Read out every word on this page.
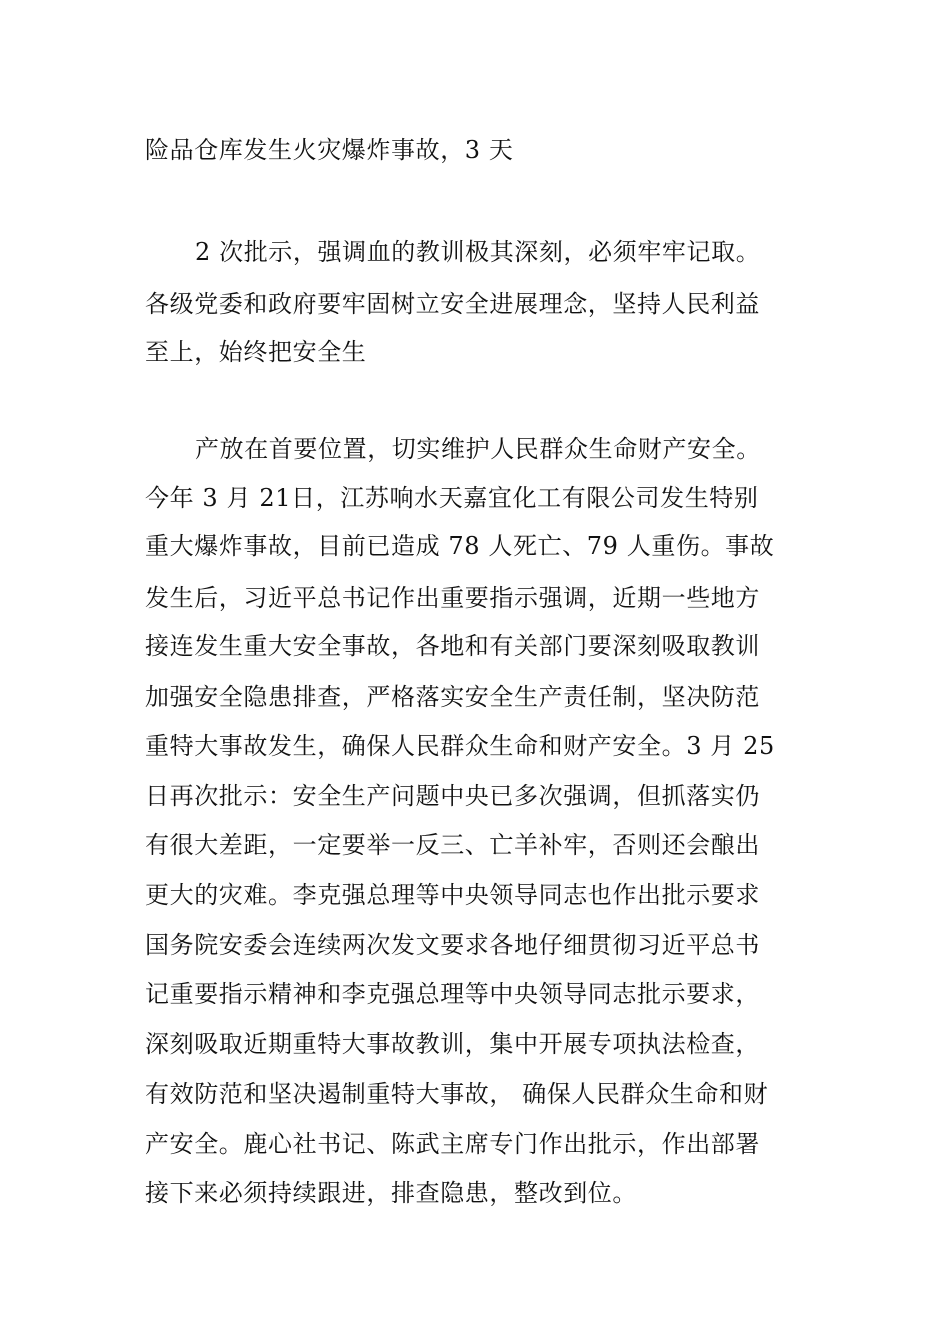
险品仓库发生火灾爆炸事故，3 天
2 次批示，强调血的教训极其深刻，必须牢牢记取。
各级党委和政府要牢固树立安全进展理念，坚持人民利益
至上，始终把安全生
产放在首要位置，切实维护人民群众生命财产安全。
今年 3 月 21日，江苏响水天嘉宜化工有限公司发生特别
重大爆炸事故，目前已造成 78 人死亡、79 人重伤。事故
发生后，习近平总书记作出重要指示强调，近期一些地方
接连发生重大安全事故，各地和有关部门要深刻吸取教训
加强安全隐患排查，严格落实安全生产责任制，坚决防范
重特大事故发生，确保人民群众生命和财产安全。3 月 25
日再次批示：安全生产问题中央已多次强调，但抓落实仍
有很大差距，一定要举一反三、亡羊补牢，否则还会酿出
更大的灾难。李克强总理等中央领导同志也作出批示要求
国务院安委会连续两次发文要求各地仔细贯彻习近平总书
记重要指示精神和李克强总理等中央领导同志批示要求，
深刻吸取近期重特大事故教训，集中开展专项执法检查，
有效防范和坚决遏制重特大事故， 确保人民群众生命和财
产安全。鹿心社书记、陈武主席专门作出批示，作出部署
接下来必须持续跟进，排查隐患，整改到位。
